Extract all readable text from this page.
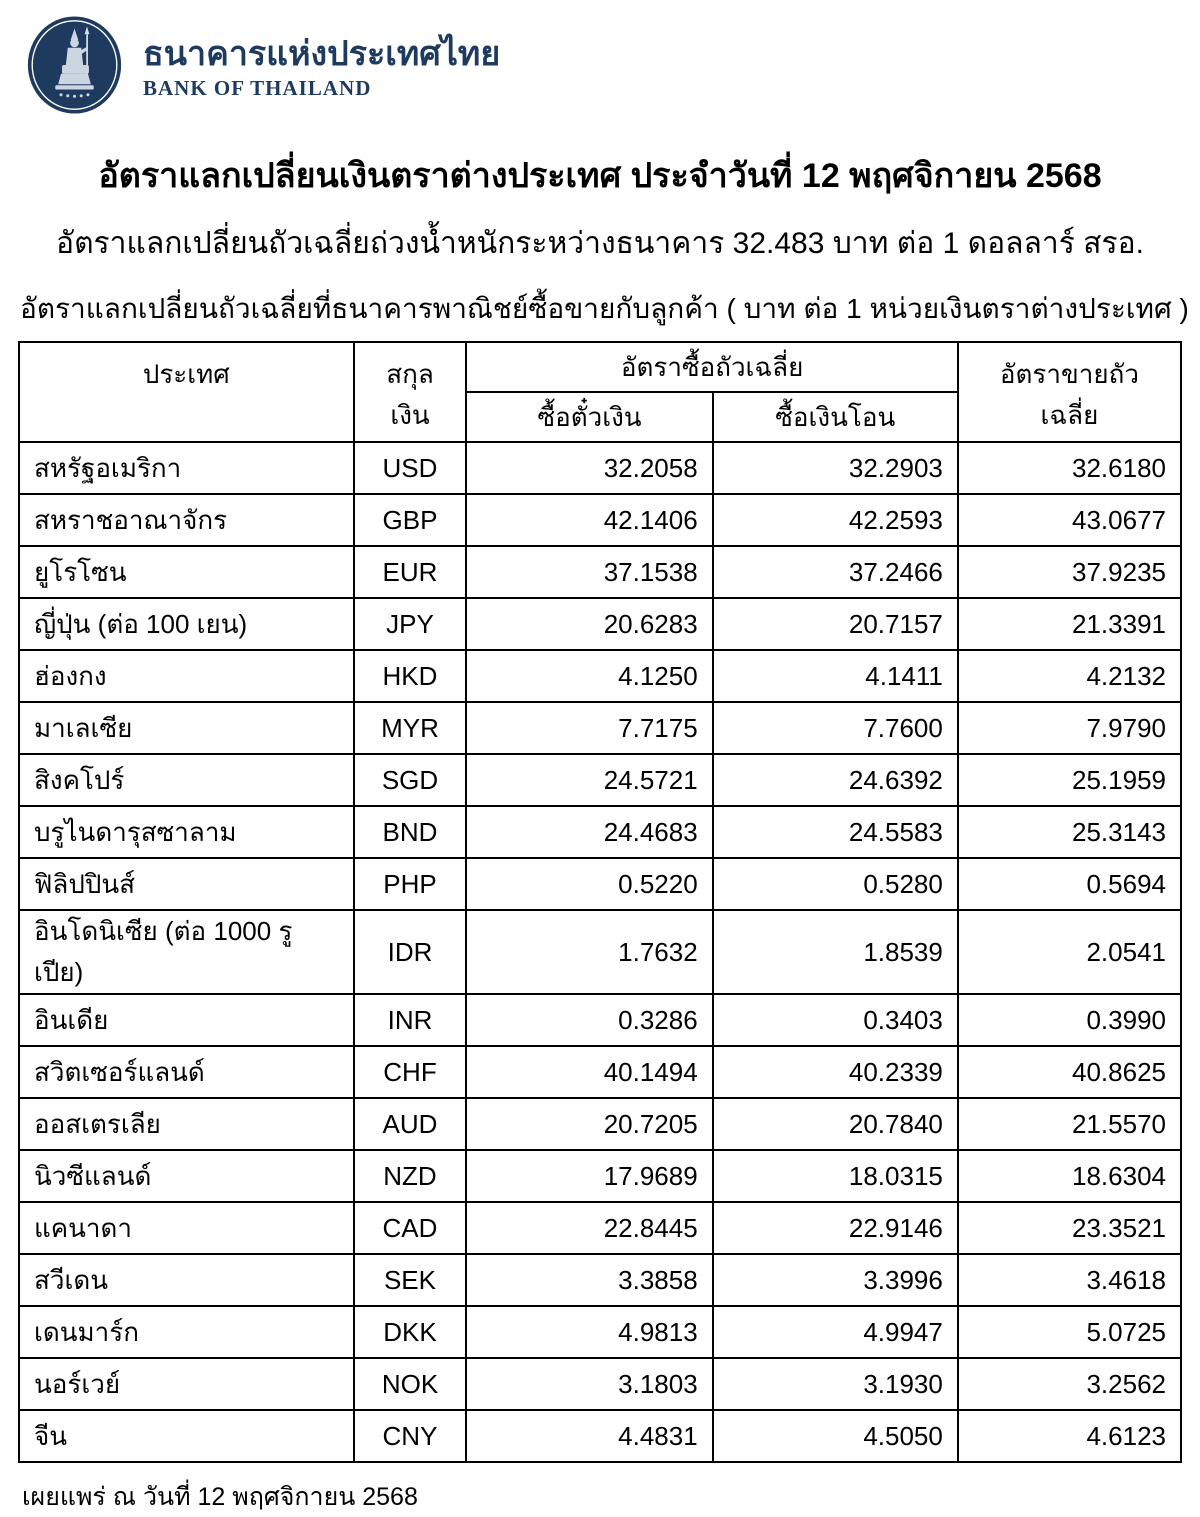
ธนาคารแห่งประเทศไทย
BANK OF THAILAND
อัตราแลกเปลี่ยนเงินตราต่างประเทศ ประจำวันที่ 12 พฤศจิกายน 2568
อัตราแลกเปลี่ยนถัวเฉลี่ยถ่วงน้ำหนักระหว่างธนาคาร 32.483 บาท ต่อ 1 ดอลลาร์ สรอ.
อัตราแลกเปลี่ยนถัวเฉลี่ยที่ธนาคารพาณิชย์ซื้อขายกับลูกค้า ( บาท ต่อ 1 หน่วยเงินตราต่างประเทศ )
ประเทศ	สกุลเงิน	อัตราซื้อถัวเฉลี่ย		อัตราขายถัวเฉลี่ย
		ซื้อตั๋วเงิน	ซื้อเงินโอน	
สหรัฐอเมริกา	USD	32.2058	32.2903	32.6180
สหราชอาณาจักร	GBP	42.1406	42.2593	43.0677
ยูโรโซน	EUR	37.1538	37.2466	37.9235
ญี่ปุ่น (ต่อ 100 เยน)	JPY	20.6283	20.7157	21.3391
ฮ่องกง	HKD	4.1250	4.1411	4.2132
มาเลเซีย	MYR	7.7175	7.7600	7.9790
สิงคโปร์	SGD	24.5721	24.6392	25.1959
บรูไนดารุสซาลาม	BND	24.4683	24.5583	25.3143
ฟิลิปปินส์	PHP	0.5220	0.5280	0.5694
อินโดนิเซีย (ต่อ 1000 รูเปีย)	IDR	1.7632	1.8539	2.0541
อินเดีย	INR	0.3286	0.3403	0.3990
สวิตเซอร์แลนด์	CHF	40.1494	40.2339	40.8625
ออสเตรเลีย	AUD	20.7205	20.7840	21.5570
นิวซีแลนด์	NZD	17.9689	18.0315	18.6304
แคนาดา	CAD	22.8445	22.9146	23.3521
สวีเดน	SEK	3.3858	3.3996	3.4618
เดนมาร์ก	DKK	4.9813	4.9947	5.0725
นอร์เวย์	NOK	3.1803	3.1930	3.2562
จีน	CNY	4.4831	4.5050	4.6123
เผยแพร่ ณ วันที่ 12 พฤศจิกายน 2568
